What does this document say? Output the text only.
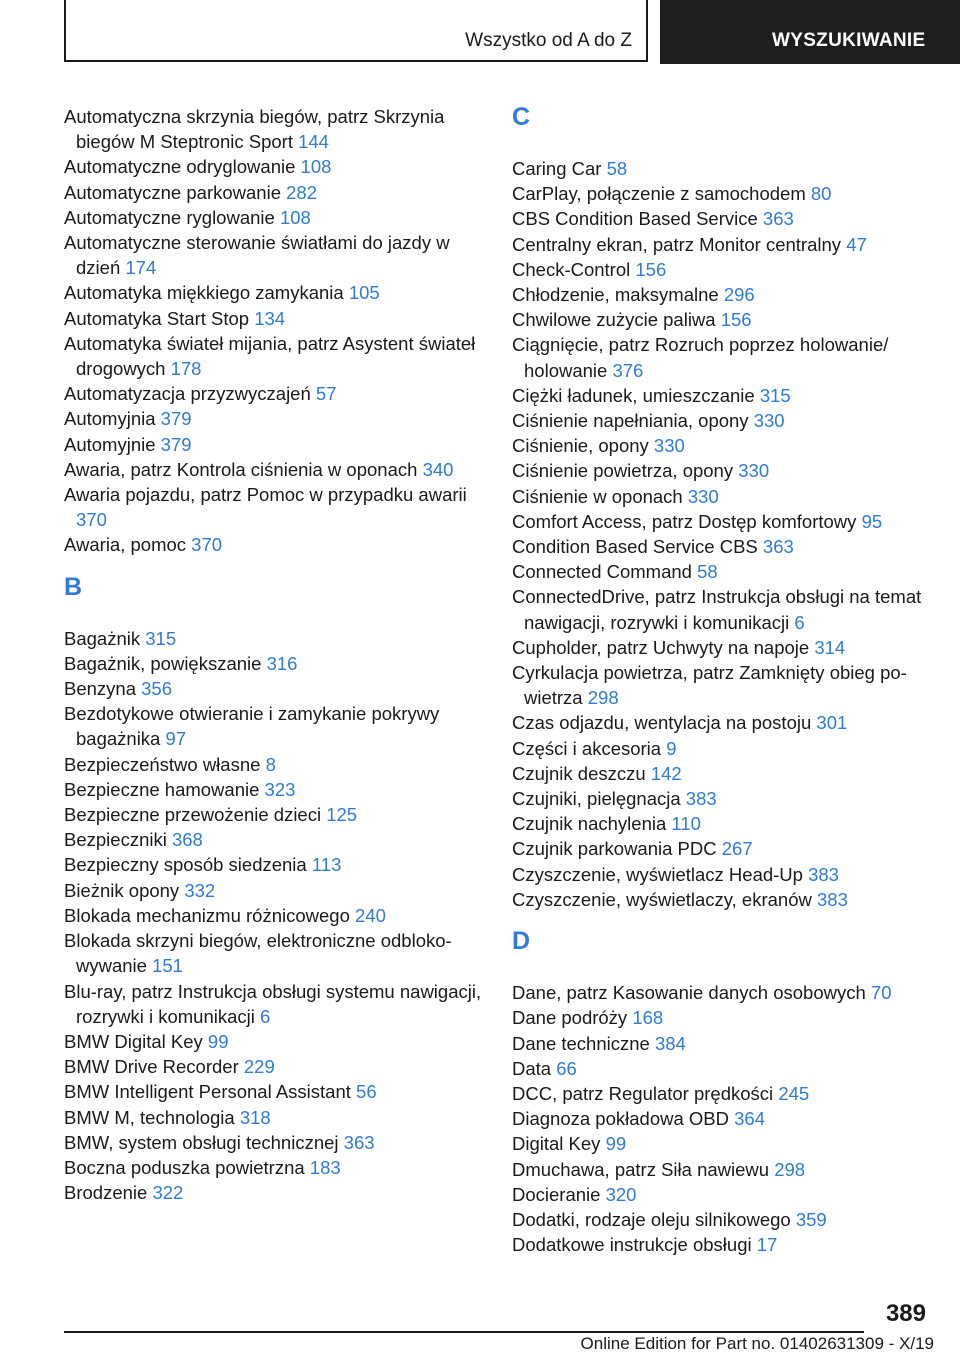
Wszystko od A do Z	WYSZUKIWANIE
Automatyczna skrzynia biegów, patrz Skrzynia biegów M Steptronic Sport 144
Automatyczne odryglowanie 108
Automatyczne parkowanie 282
Automatyczne ryglowanie 108
Automatyczne sterowanie światłami do jazdy w dzień 174
Automatyka miękkiego zamykania 105
Automatyka Start Stop 134
Automatyka świateł mijania, patrz Asystent świateł drogowych 178
Automatyzacja przyzwyczajeń 57
Automyjnia 379
Automyjnie 379
Awaria, patrz Kontrola ciśnienia w oponach 340
Awaria pojazdu, patrz Pomoc w przypadku awarii 370
Awaria, pomoc 370
B
Bagażnik 315
Bagażnik, powiększanie 316
Benzyna 356
Bezdotykowe otwieranie i zamykanie pokrywy bagażnika 97
Bezpieczeństwo własne 8
Bezpieczne hamowanie 323
Bezpieczne przewożenie dzieci 125
Bezpieczniki 368
Bezpieczny sposób siedzenia 113
Bieżnik opony 332
Blokada mechanizmu różnicowego 240
Blokada skrzyni biegów, elektroniczne odblokowywanie 151
Blu-ray, patrz Instrukcja obsługi systemu nawigacji, rozrywki i komunikacji 6
BMW Digital Key 99
BMW Drive Recorder 229
BMW Intelligent Personal Assistant 56
BMW M, technologia 318
BMW, system obsługi technicznej 363
Boczna poduszka powietrzna 183
Brodzenie 322
C
Caring Car 58
CarPlay, połączenie z samochodem 80
CBS Condition Based Service 363
Centralny ekran, patrz Monitor centralny 47
Check-Control 156
Chłodzenie, maksymalne 296
Chwilowe zużycie paliwa 156
Ciągnięcie, patrz Rozruch poprzez holowanie/ holowanie 376
Ciężki ładunek, umieszczanie 315
Ciśnienie napełniania, opony 330
Ciśnienie, opony 330
Ciśnienie powietrza, opony 330
Ciśnienie w oponach 330
Comfort Access, patrz Dostęp komfortowy 95
Condition Based Service CBS 363
Connected Command 58
ConnectedDrive, patrz Instrukcja obsługi na temat nawigacji, rozrywki i komunikacji 6
Cupholder, patrz Uchwyty na napoje 314
Cyrkulacja powietrza, patrz Zamknięty obieg powietrza 298
Czas odjazdu, wentylacja na postoju 301
Części i akcesoria 9
Czujnik deszczu 142
Czujniki, pielęgnacja 383
Czujnik nachylenia 110
Czujnik parkowania PDC 267
Czyszczenie, wyświetlacz Head-Up 383
Czyszczenie, wyświetlaczy, ekranów 383
D
Dane, patrz Kasowanie danych osobowych 70
Dane podróży 168
Dane techniczne 384
Data 66
DCC, patrz Regulator prędkości 245
Diagnoza pokładowa OBD 364
Digital Key 99
Dmuchawa, patrz Siła nawiewu 298
Docieranie 320
Dodatki, rodzaje oleju silnikowego 359
Dodatkowe instrukcje obsługi 17
389
Online Edition for Part no. 01402631309 - X/19
